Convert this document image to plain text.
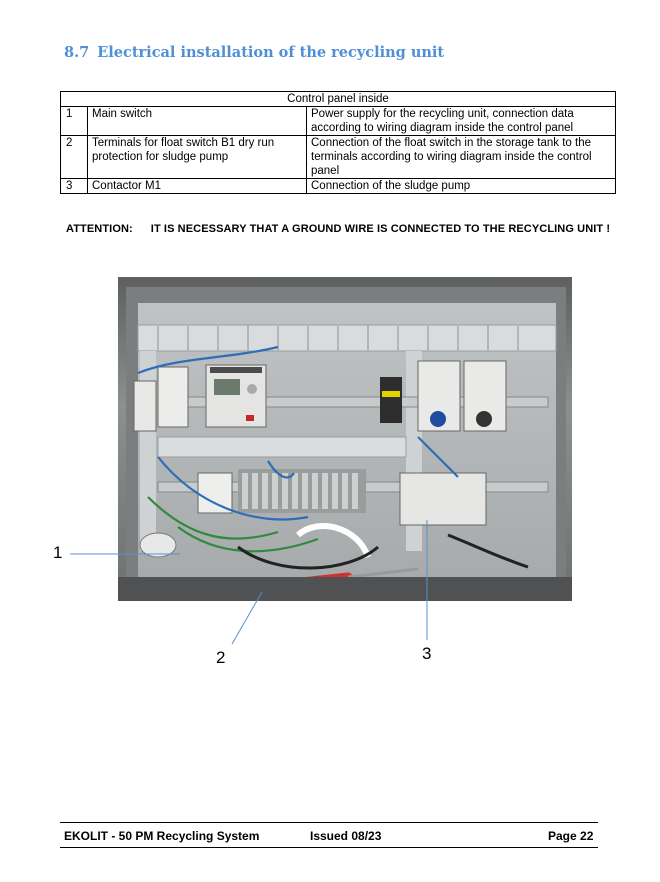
8.7 Electrical installation of the recycling unit
Control panel inside		
1	Main switch	Power supply for the recycling unit, connection data according to wiring diagram inside the control panel
2	Terminals for float switch B1 dry run protection for sludge pump	Connection of the float switch in the storage tank to the terminals according to wiring diagram inside the control panel
3	Contactor M1	Connection of the sludge pump
ATTENTION: IT IS NECESSARY THAT A GROUND WIRE IS CONNECTED TO THE RECYCLING UNIT !
1
2	3
EKOLIT - 50 PM Recycling System	Issued 08/23	Page 22
